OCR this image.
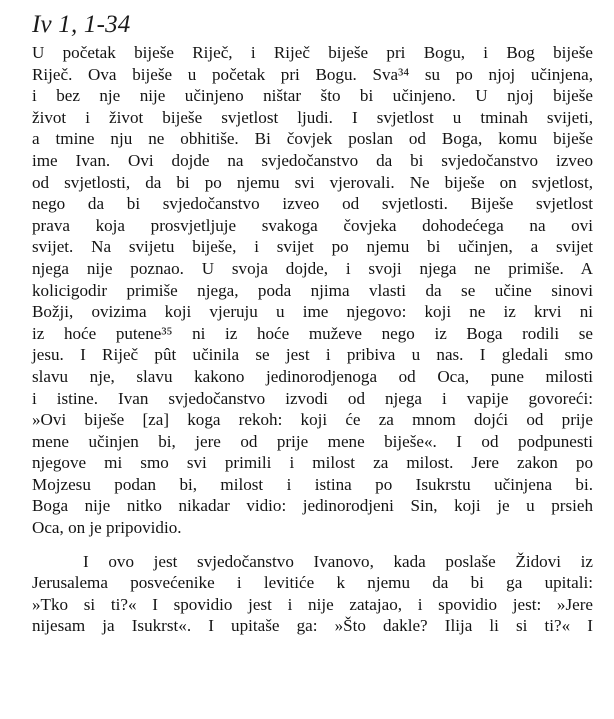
Iv 1, 1-34
U početak biješe Riječ, i Riječ biješe pri Bogu, i Bog biješe
Riječ. Ova biješe u početak pri Bogu. Sva³⁴ su po njoj učinjena,
i bez nje nije učinjeno ništar što bi učinjeno. U njoj biješe
život i život biješe svjetlost ljudi. I svjetlost u tminah svijeti,
a tmine nju ne obhitiše. Bi čovjek poslan od Boga, komu biješe
ime Ivan. Ovi dojde na svjedočanstvo da bi svjedočanstvo izveo
od svjetlosti, da bi po njemu svi vjerovali. Ne biješe on svjetlost,
nego da bi svjedočanstvo izveo od svjetlosti. Biješe svjetlost
prava koja prosvjetljuje svakoga čovjeka dohodećega na ovi
svijet. Na svijetu biješe, i svijet po njemu bi učinjen, a svijet
njega nije poznao. U svoja dojde, i svoji njega ne primiše. A
kolicigodir primiše njega, poda njima vlasti da se učine sinovi
Božji, ovizima koji vjeruju u ime njegovo: koji ne iz krvi ni
iz hoće putene³⁵ ni iz hoće muževe nego iz Boga rodili se
jesu. I Riječ pût učinila se jest i pribiva u nas. I gledali smo
slavu nje, slavu kakono jedinorodjenoga od Oca, pune milosti
i istine. Ivan svjedočanstvo izvodi od njega i vapije govoreći:
»Ovi biješe [za] koga rekoh: koji će za mnom dojći od prije
mene učinjen bi, jere od prije mene biješe«. I od podpunesti
njegove mi smo svi primili i milost za milost. Jere zakon po
Mojzesu podan bi, milost i istina po Isukrstu učinjena bi.
Boga nije nitko nikadar vidio: jedinorodjeni Sin, koji je u prsieh
Oca, on je pripovidio.
I ovo jest svjedočanstvo Ivanovo, kada poslaše Židovi iz
Jerusalema posvećenike i levitiće k njemu da bi ga upitali:
»Tko si ti?« I spovidio jest i nije zatajao, i spovidio jest: »Jere
nijesam ja Isukrst«. I upitaše ga: »Što dakle? Ilija li si ti?« I
